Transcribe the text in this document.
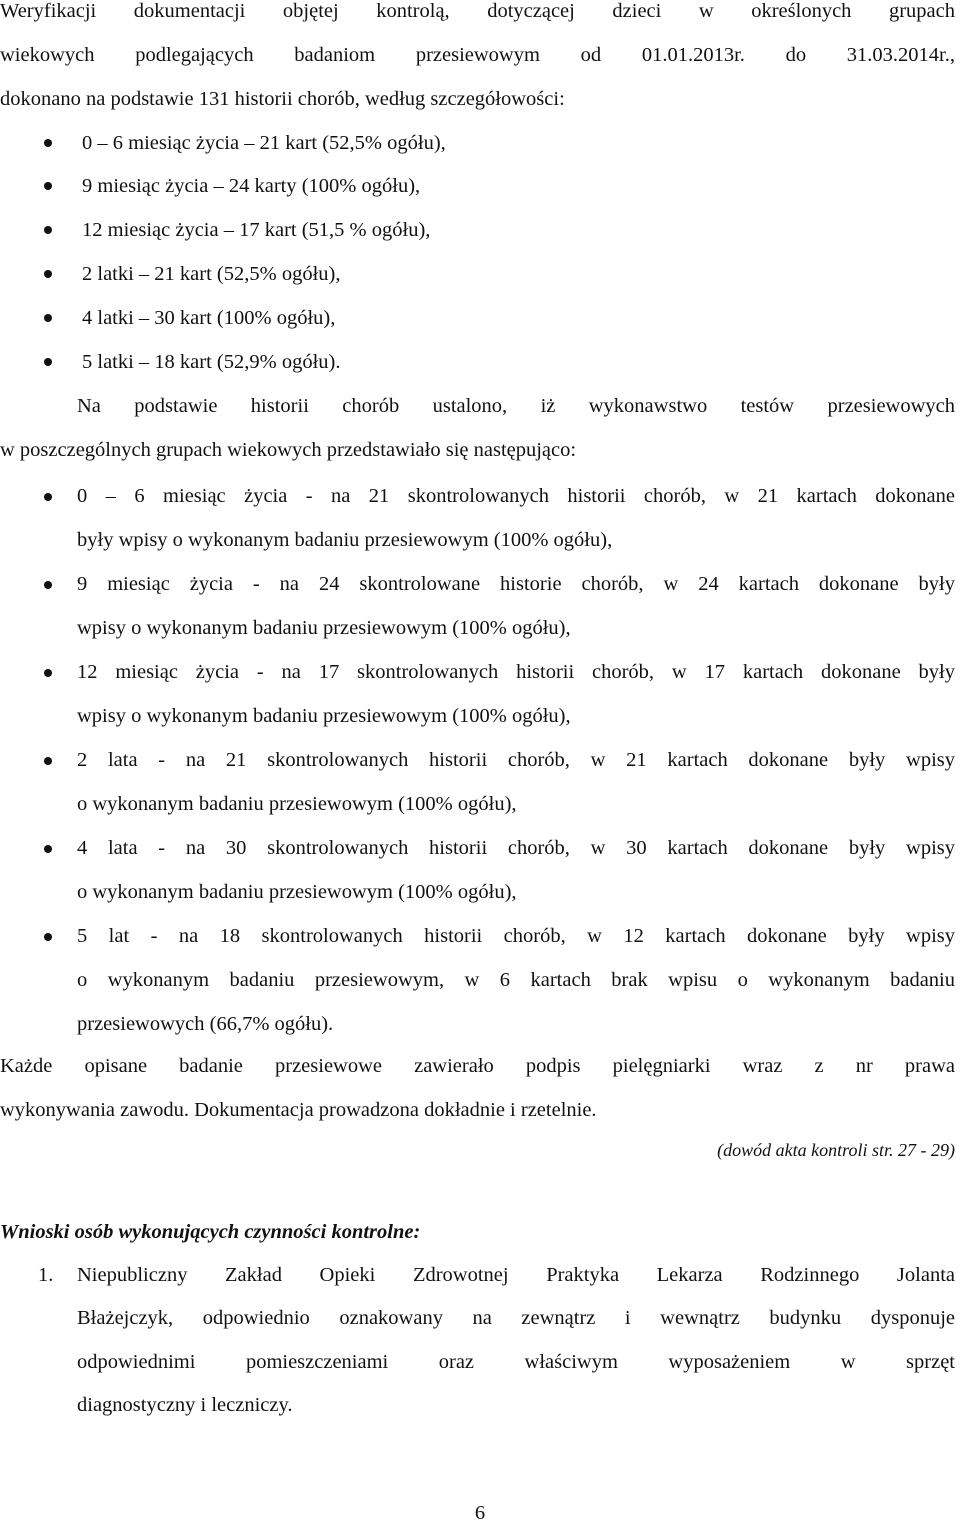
Weryfikacji dokumentacji objętej kontrolą, dotyczącej dzieci w określonych grupach
wiekowych podlegających badaniom przesiewowym od 01.01.2013r. do 31.03.2014r.,
dokonano na podstawie 131 historii chorób, według szczegółowości:
0 – 6 miesiąc życia – 21 kart (52,5% ogółu),
9 miesiąc życia – 24 karty (100% ogółu),
12 miesiąc życia – 17 kart (51,5 % ogółu),
2 latki – 21 kart (52,5% ogółu),
4 latki – 30 kart (100% ogółu),
5 latki – 18 kart (52,9% ogółu).
Na podstawie historii chorób ustalono, iż wykonawstwo testów przesiewowych
w poszczególnych grupach wiekowych przedstawiało się następująco:
0 – 6 miesiąc życia - na 21 skontrolowanych historii chorób, w 21 kartach dokonane
były wpisy o wykonanym badaniu przesiewowym (100% ogółu),
9 miesiąc życia - na 24 skontrolowane historie chorób, w 24 kartach dokonane były
wpisy o wykonanym badaniu przesiewowym (100% ogółu),
12 miesiąc życia - na 17 skontrolowanych historii chorób, w 17 kartach dokonane były
wpisy o wykonanym badaniu przesiewowym (100% ogółu),
2 lata - na 21 skontrolowanych historii chorób, w 21 kartach dokonane były wpisy
o wykonanym badaniu przesiewowym (100% ogółu),
4 lata - na 30 skontrolowanych historii chorób, w 30 kartach dokonane były wpisy
o wykonanym badaniu przesiewowym (100% ogółu),
5 lat - na 18 skontrolowanych historii chorób, w 12 kartach dokonane były wpisy
o wykonanym badaniu przesiewowym, w 6 kartach brak wpisu o wykonanym badaniu
przesiewowych (66,7% ogółu).
Każde opisane badanie przesiewowe zawierało podpis pielęgniarki wraz z nr prawa
wykonywania zawodu. Dokumentacja prowadzona dokładnie i rzetelnie.
(dowód akta kontroli str. 27 - 29)
Wnioski osób wykonujących czynności kontrolne:
1. Niepubliczny Zakład Opieki Zdrowotnej Praktyka Lekarza Rodzinnego Jolanta
Błażejczyk, odpowiednio oznakowany na zewnątrz i wewnątrz budynku dysponuje
odpowiednimi pomieszczeniami oraz właściwym wyposażeniem w sprzęt
diagnostyczny i leczniczy.
6
